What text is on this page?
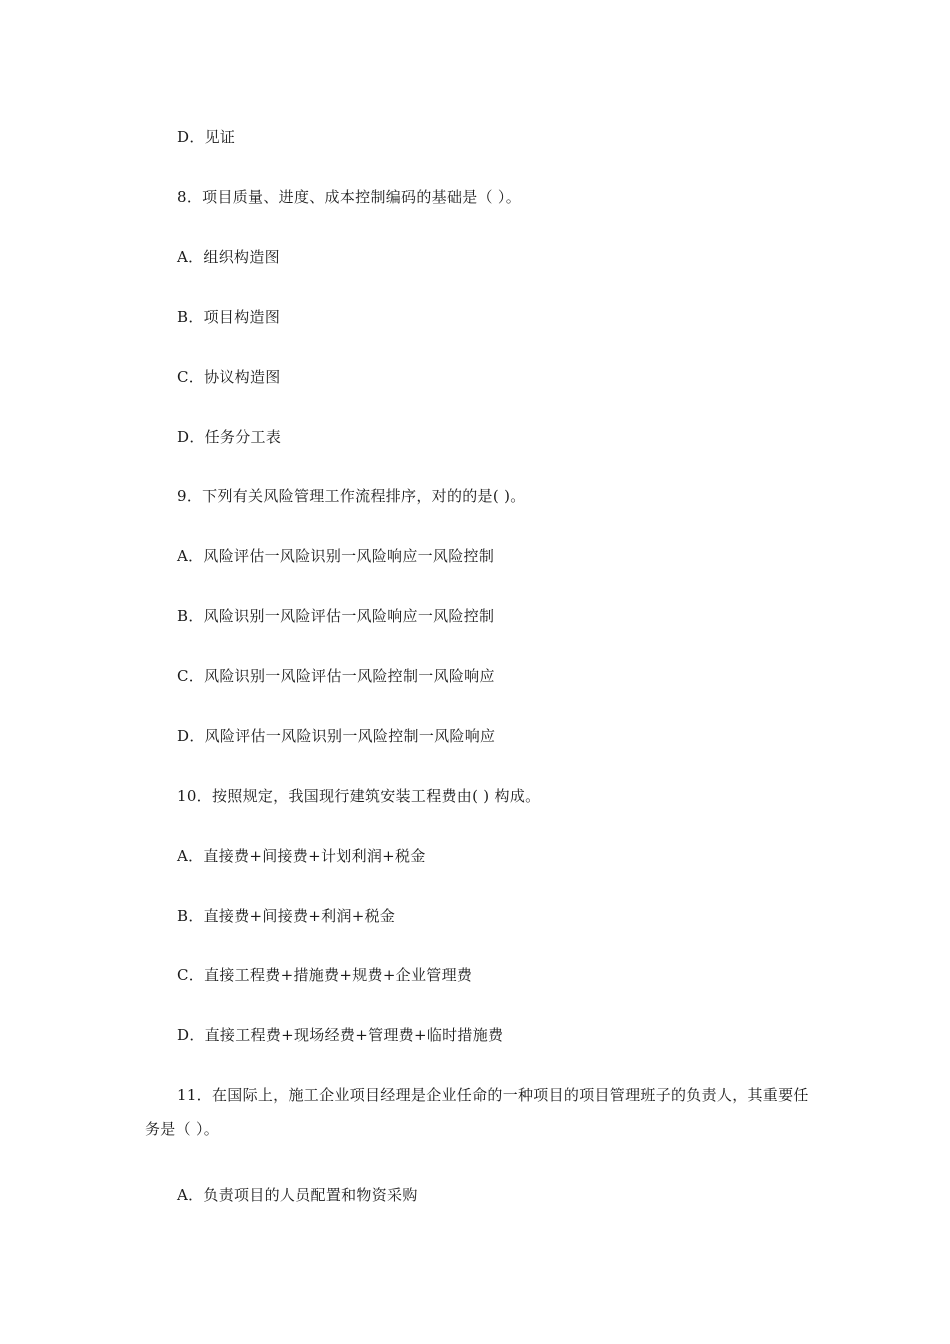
D．见证
8．项目质量、进度、成本控制编码的基础是（ ）。
A．组织构造图
B．项目构造图
C．协议构造图
D．任务分工表
9．下列有关风险管理工作流程排序，对的的是( )。
A．风险评估一风险识别一风险响应一风险控制
B．风险识别一风险评估一风险响应一风险控制
C．风险识别一风险评估一风险控制一风险响应
D．风险评估一风险识别一风险控制一风险响应
10．按照规定，我国现行建筑安装工程费由( ) 构成。
A．直接费+间接费+计划利润+税金
B．直接费+间接费+利润+税金
C．直接工程费+措施费+规费+企业管理费
D．直接工程费+现场经费+管理费+临时措施费
11．在国际上，施工企业项目经理是企业任命的一种项目的项目管理班子的负责人，其重要任务是（ ）。
A．负责项目的人员配置和物资采购
